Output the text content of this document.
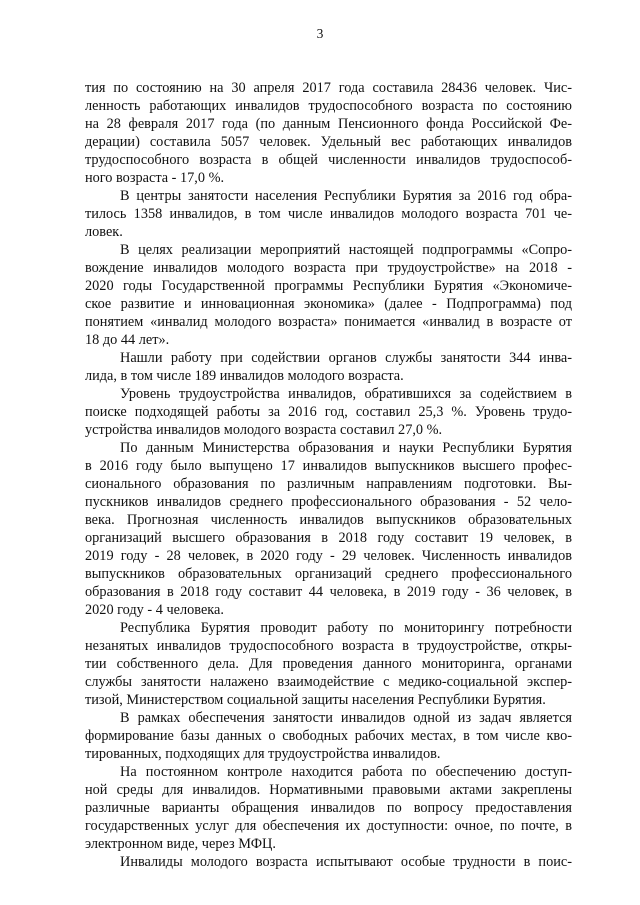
3
тия по состоянию на 30 апреля 2017 года составила 28436 человек. Чис-
ленность работающих инвалидов трудоспособного возраста по состоянию
на 28 февраля 2017 года (по данным Пенсионного фонда Российской Фе-
дерации) составила 5057 человек. Удельный вес работающих инвалидов
трудоспособного возраста в общей численности инвалидов трудоспособ-
ного возраста - 17,0 %.
В центры занятости населения Республики Бурятия за 2016 год обра-
тилось 1358 инвалидов, в том числе инвалидов молодого возраста 701 че-
ловек.
В целях реализации мероприятий настоящей подпрограммы «Сопро-
вождение инвалидов молодого возраста при трудоустройстве» на 2018 -
2020 годы Государственной программы Республики Бурятия «Экономиче-
ское развитие и инновационная экономика» (далее - Подпрограмма) под
понятием «инвалид молодого возраста» понимается «инвалид в возрасте от
18 до 44 лет».
Нашли работу при содействии органов службы занятости 344 инва-
лида, в том числе 189 инвалидов молодого возраста.
Уровень трудоустройства инвалидов, обратившихся за содействием в
поиске подходящей работы за 2016 год, составил 25,3 %. Уровень трудо-
устройства инвалидов молодого возраста составил 27,0 %.
По данным Министерства образования и науки Республики Бурятия
в 2016 году было выпущено 17 инвалидов выпускников высшего профес-
сионального образования по различным направлениям подготовки. Вы-
пускников инвалидов среднего профессионального образования - 52 чело-
века. Прогнозная численность инвалидов выпускников образовательных
организаций высшего образования в 2018 году составит 19 человек, в
2019 году - 28 человек, в 2020 году - 29 человек. Численность инвалидов
выпускников образовательных организаций среднего профессионального
образования в 2018 году составит 44 человека, в 2019 году - 36 человек, в
2020 году - 4 человека.
Республика Бурятия проводит работу по мониторингу потребности
незанятых инвалидов трудоспособного возраста в трудоустройстве, откры-
тии собственного дела. Для проведения данного мониторинга, органами
службы занятости налажено взаимодействие с медико-социальной экспер-
тизой, Министерством социальной защиты населения Республики Бурятия.
В рамках обеспечения занятости инвалидов одной из задач является
формирование базы данных о свободных рабочих местах, в том числе кво-
тированных, подходящих для трудоустройства инвалидов.
На постоянном контроле находится работа по обеспечению доступ-
ной среды для инвалидов. Нормативными правовыми актами закреплены
различные варианты обращения инвалидов по вопросу предоставления
государственных услуг для обеспечения их доступности: очное, по почте, в
электронном виде, через МФЦ.
Инвалиды молодого возраста испытывают особые трудности в поис-
